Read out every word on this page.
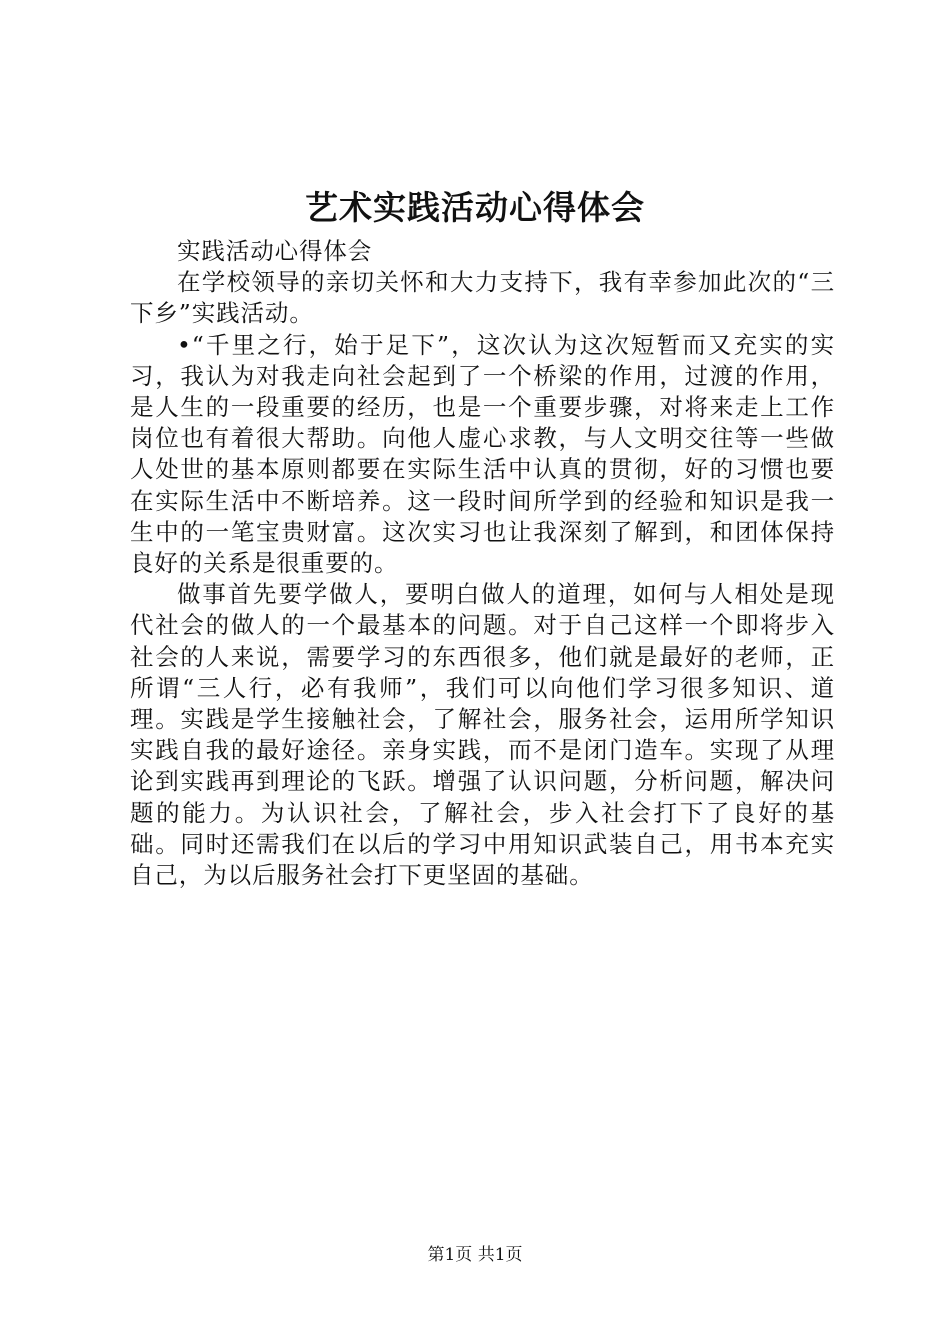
艺术实践活动心得体会

实践活动心得体会

在学校领导的亲切关怀和大力支持下，我有幸参加此次的“三下乡”实践活动。

•“千里之行，始于足下”，这次认为这次短暂而又充实的实习，我认为对我走向社会起到了一个桥梁的作用，过渡的作用，是人生的一段重要的经历，也是一个重要步骤，对将来走上工作岗位也有着很大帮助。向他人虚心求教，与人文明交往等一些做人处世的基本原则都要在实际生活中认真的贯彻，好的习惯也要在实际生活中不断培养。这一段时间所学到的经验和知识是我一生中的一笔宝贵财富。这次实习也让我深刻了解到，和团体保持良好的关系是很重要的。

做事首先要学做人，要明白做人的道理，如何与人相处是现代社会的做人的一个最基本的问题。对于自己这样一个即将步入社会的人来说，需要学习的东西很多，他们就是最好的老师，正所谓“三人行，必有我师”，我们可以向他们学习很多知识、道理。实践是学生接触社会，了解社会，服务社会，运用所学知识实践自我的最好途径。亲身实践，而不是闭门造车。实现了从理论到实践再到理论的飞跃。增强了认识问题，分析问题，解决问题的能力。为认识社会，了解社会，步入社会打下了良好的基础。同时还需我们在以后的学习中用知识武装自己，用书本充实自己，为以后服务社会打下更坚固的基础。

第1页 共1页
